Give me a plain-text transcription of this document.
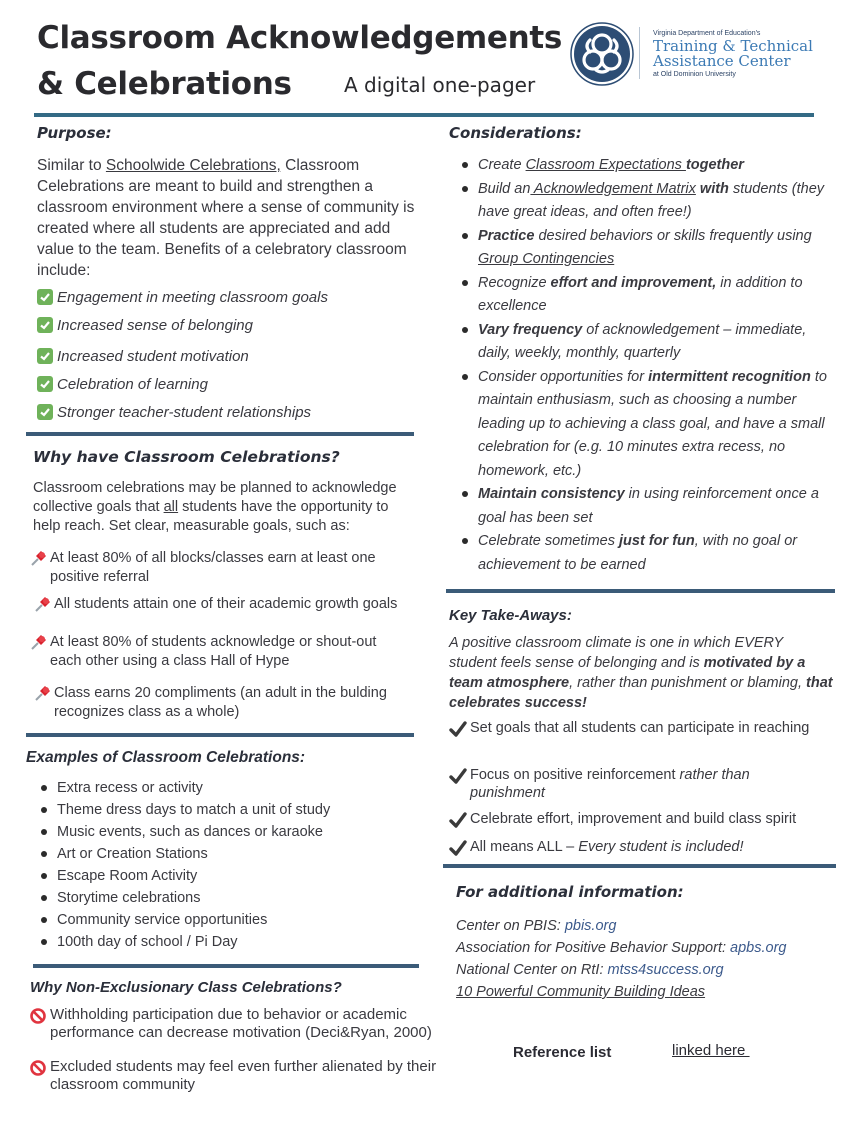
Classroom Acknowledgements
& Celebrations	A digital one-pager
Virginia Department of Education's
Training & Technical
Assistance Center
at Old Dominion University
Purpose:
Similar to Schoolwide Celebrations, Classroom Celebrations are meant to build and strengthen a classroom environment where a sense of community is created where all students are appreciated and add value to the team. Benefits of a celebratory classroom include:
Engagement in meeting classroom goals
Increased sense of belonging
Increased student motivation
Celebration of learning
Stronger teacher-student relationships
Why have Classroom Celebrations?
Classroom celebrations may be planned to acknowledge collective goals that all students have the opportunity to help reach. Set clear, measurable goals, such as:
At least 80% of all blocks/classes earn at least one positive referral
All students attain one of their academic growth goals
At least 80% of students acknowledge or shout-out each other using a class Hall of Hype
Class earns 20 compliments (an adult in the bulding recognizes class as a whole)
Examples of Classroom Celebrations:
Extra recess or activity
Theme dress days to match a unit of study
Music events, such as dances or karaoke
Art or Creation Stations
Escape Room Activity
Storytime celebrations
Community service opportunities
100th day of school / Pi Day
Why Non-Exclusionary Class Celebrations?
Withholding participation due to behavior or academic performance can decrease motivation (Deci&Ryan, 2000)
Excluded students may feel even further alienated by their classroom community
Considerations:
Create Classroom Expectations together
Build an Acknowledgement Matrix with students (they have great ideas, and often free!)
Practice desired behaviors or skills frequently using Group Contingencies
Recognize effort and improvement, in addition to excellence
Vary frequency of acknowledgement – immediate, daily, weekly, monthly, quarterly
Consider opportunities for intermittent recognition to maintain enthusiasm, such as choosing a number leading up to achieving a class goal, and have a small celebration for (e.g. 10 minutes extra recess, no homework, etc.)
Maintain consistency in using reinforcement once a goal has been set
Celebrate sometimes just for fun, with no goal or achievement to be earned
Key Take-Aways:
A positive classroom climate is one in which EVERY student feels sense of belonging and is motivated by a team atmosphere, rather than punishment or blaming, that celebrates success!
Set goals that all students can participate in reaching
Focus on positive reinforcement rather than punishment
Celebrate effort, improvement and build class spirit
All means ALL – Every student is included!
For additional information:
Center on PBIS: pbis.org
Association for Positive Behavior Support: apbs.org
National Center on RtI: mtss4success.org
10 Powerful Community Building Ideas
Reference list	linked here
